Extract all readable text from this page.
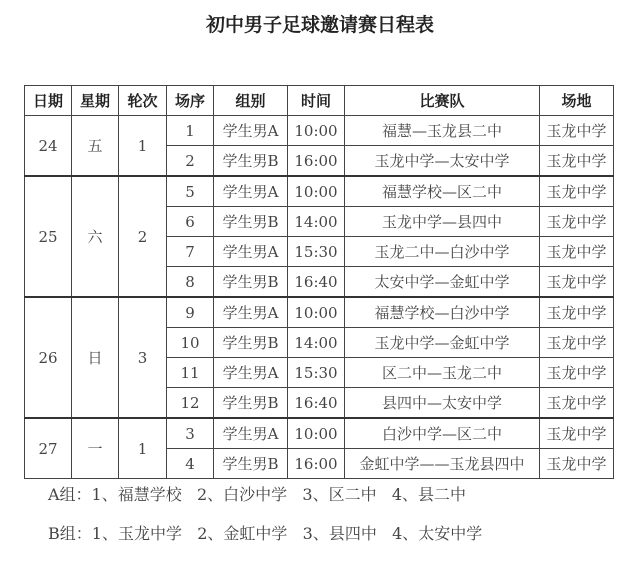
初中男子足球邀请赛日程表
日期	星期	轮次	场序	组别	时间	比赛队	场地
24	五	1	1	学生男A	10:00	福慧—玉龙县二中	玉龙中学
			2	学生男B	16:00	玉龙中学—太安中学	玉龙中学
25	六	2	5	学生男A	10:00	福慧学校—区二中	玉龙中学
			6	学生男B	14:00	玉龙中学—县四中	玉龙中学
			7	学生男A	15:30	玉龙二中—白沙中学	玉龙中学
			8	学生男B	16:40	太安中学—金虹中学	玉龙中学
26	日	3	9	学生男A	10:00	福慧学校—白沙中学	玉龙中学
			10	学生男B	14:00	玉龙中学—金虹中学	玉龙中学
			11	学生男A	15:30	区二中—玉龙二中	玉龙中学
			12	学生男B	16:40	县四中—太安中学	玉龙中学
27	一	1	3	学生男A	10:00	白沙中学—区二中	玉龙中学
			4	学生男B	16:00	金虹中学——玉龙县四中	玉龙中学
A组：1、福慧学校   2、白沙中学   3、区二中   4、县二中
B组：1、玉龙中学   2、金虹中学   3、县四中   4、太安中学
